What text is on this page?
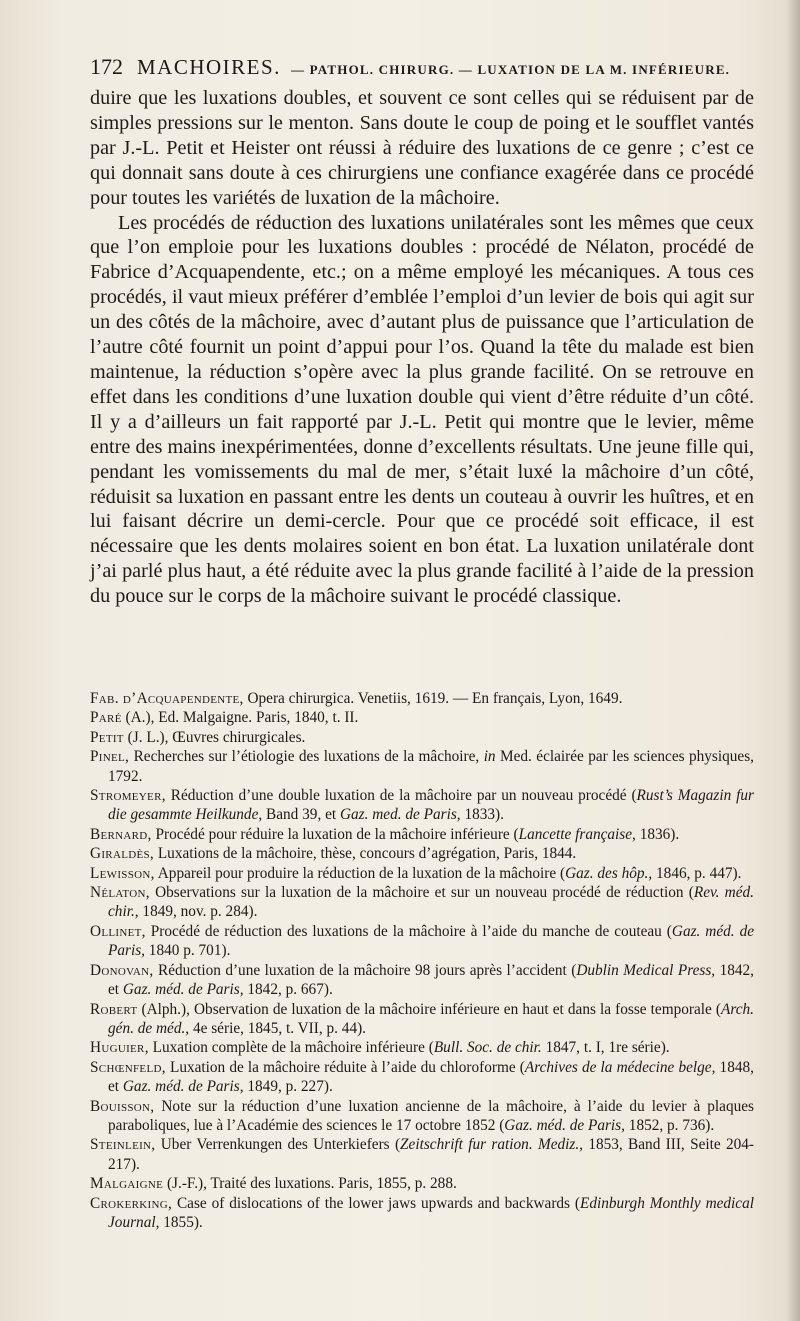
172 MACHOIRES. — PATHOL. CHIRURG. — LUXATION DE LA M. INFÉRIEURE.

duire que les luxations doubles, et souvent ce sont celles qui se réduisent par de simples pressions sur le menton. Sans doute le coup de poing et le soufflet vantés par J.-L. Petit et Heister ont réussi à réduire des luxations de ce genre ; c’est ce qui donnait sans doute à ces chirurgiens une confiance exagérée dans ce procédé pour toutes les variétés de luxation de la mâchoire.

Les procédés de réduction des luxations unilatérales sont les mêmes que ceux que l’on emploie pour les luxations doubles : procédé de Nélaton, procédé de Fabrice d’Acquapendente, etc.; on a même employé les mécaniques. A tous ces procédés, il vaut mieux préférer d’emblée l’emploi d’un levier de bois qui agit sur un des côtés de la mâchoire, avec d’autant plus de puissance que l’articulation de l’autre côté fournit un point d’appui pour l’os. Quand la tête du malade est bien maintenue, la réduction s’opère avec la plus grande facilité. On se retrouve en effet dans les conditions d’une luxation double qui vient d’être réduite d’un côté. Il y a d’ailleurs un fait rapporté par J.-L. Petit qui montre que le levier, même entre des mains inexpérimentées, donne d’excellents résultats. Une jeune fille qui, pendant les vomissements du mal de mer, s’était luxé la mâchoire d’un côté, réduisit sa luxation en passant entre les dents un couteau à ouvrir les huîtres, et en lui faisant décrire un demi-cercle. Pour que ce procédé soit efficace, il est nécessaire que les dents molaires soient en bon état. La luxation unilatérale dont j’ai parlé plus haut, a été réduite avec la plus grande facilité à l’aide de la pression du pouce sur le corps de la mâchoire suivant le procédé classique.

Fab. d’Acquapendente, Opera chirurgica. Venetiis, 1619. — En français, Lyon, 1649.

Paré (A.), Ed. Malgaigne. Paris, 1840, t. II.

Petit (J. L.), Œuvres chirurgicales.

Pinel, Recherches sur l’étiologie des luxations de la mâchoire, in Med. éclairée par les sciences physiques, 1792.

Stromeyer, Réduction d’une double luxation de la mâchoire par un nouveau procédé (Rust’s Magazin fur die gesammte Heilkunde, Band 39, et Gaz. med. de Paris, 1833).

Bernard, Procédé pour réduire la luxation de la mâchoire inférieure (Lancette française, 1836).

Giraldès, Luxations de la mâchoire, thèse, concours d’agrégation, Paris, 1844.

Lewisson, Appareil pour produire la réduction de la luxation de la mâchoire (Gaz. des hôp., 1846, p. 447).

Nélaton, Observations sur la luxation de la mâchoire et sur un nouveau procédé de réduction (Rev. méd. chir., 1849, nov. p. 284).

Ollinet, Procédé de réduction des luxations de la mâchoire à l’aide du manche de couteau (Gaz. méd. de Paris, 1840 p. 701).

Donovan, Réduction d’une luxation de la mâchoire 98 jours après l’accident (Dublin Medical Press, 1842, et Gaz. méd. de Paris, 1842, p. 667).

Robert (Alph.), Observation de luxation de la mâchoire inférieure en haut et dans la fosse temporale (Arch. gén. de méd., 4e série, 1845, t. VII, p. 44).

Huguier, Luxation complète de la mâchoire inférieure (Bull. Soc. de chir. 1847, t. I, 1re série).

Schœnfeld, Luxation de la mâchoire réduite à l’aide du chloroforme (Archives de la médecine belge, 1848, et Gaz. méd. de Paris, 1849, p. 227).

Bouisson, Note sur la réduction d’une luxation ancienne de la mâchoire, à l’aide du levier à plaques paraboliques, lue à l’Académie des sciences le 17 octobre 1852 (Gaz. méd. de Paris, 1852, p. 736).

Steinlein, Uber Verrenkungen des Unterkiefers (Zeitschrift fur ration. Mediz., 1853, Band III, Seite 204-217).

Malgaigne (J.-F.), Traité des luxations. Paris, 1855, p. 288.

Crokerking, Case of dislocations of the lower jaws upwards and backwards (Edinburgh Monthly medical Journal, 1855).
